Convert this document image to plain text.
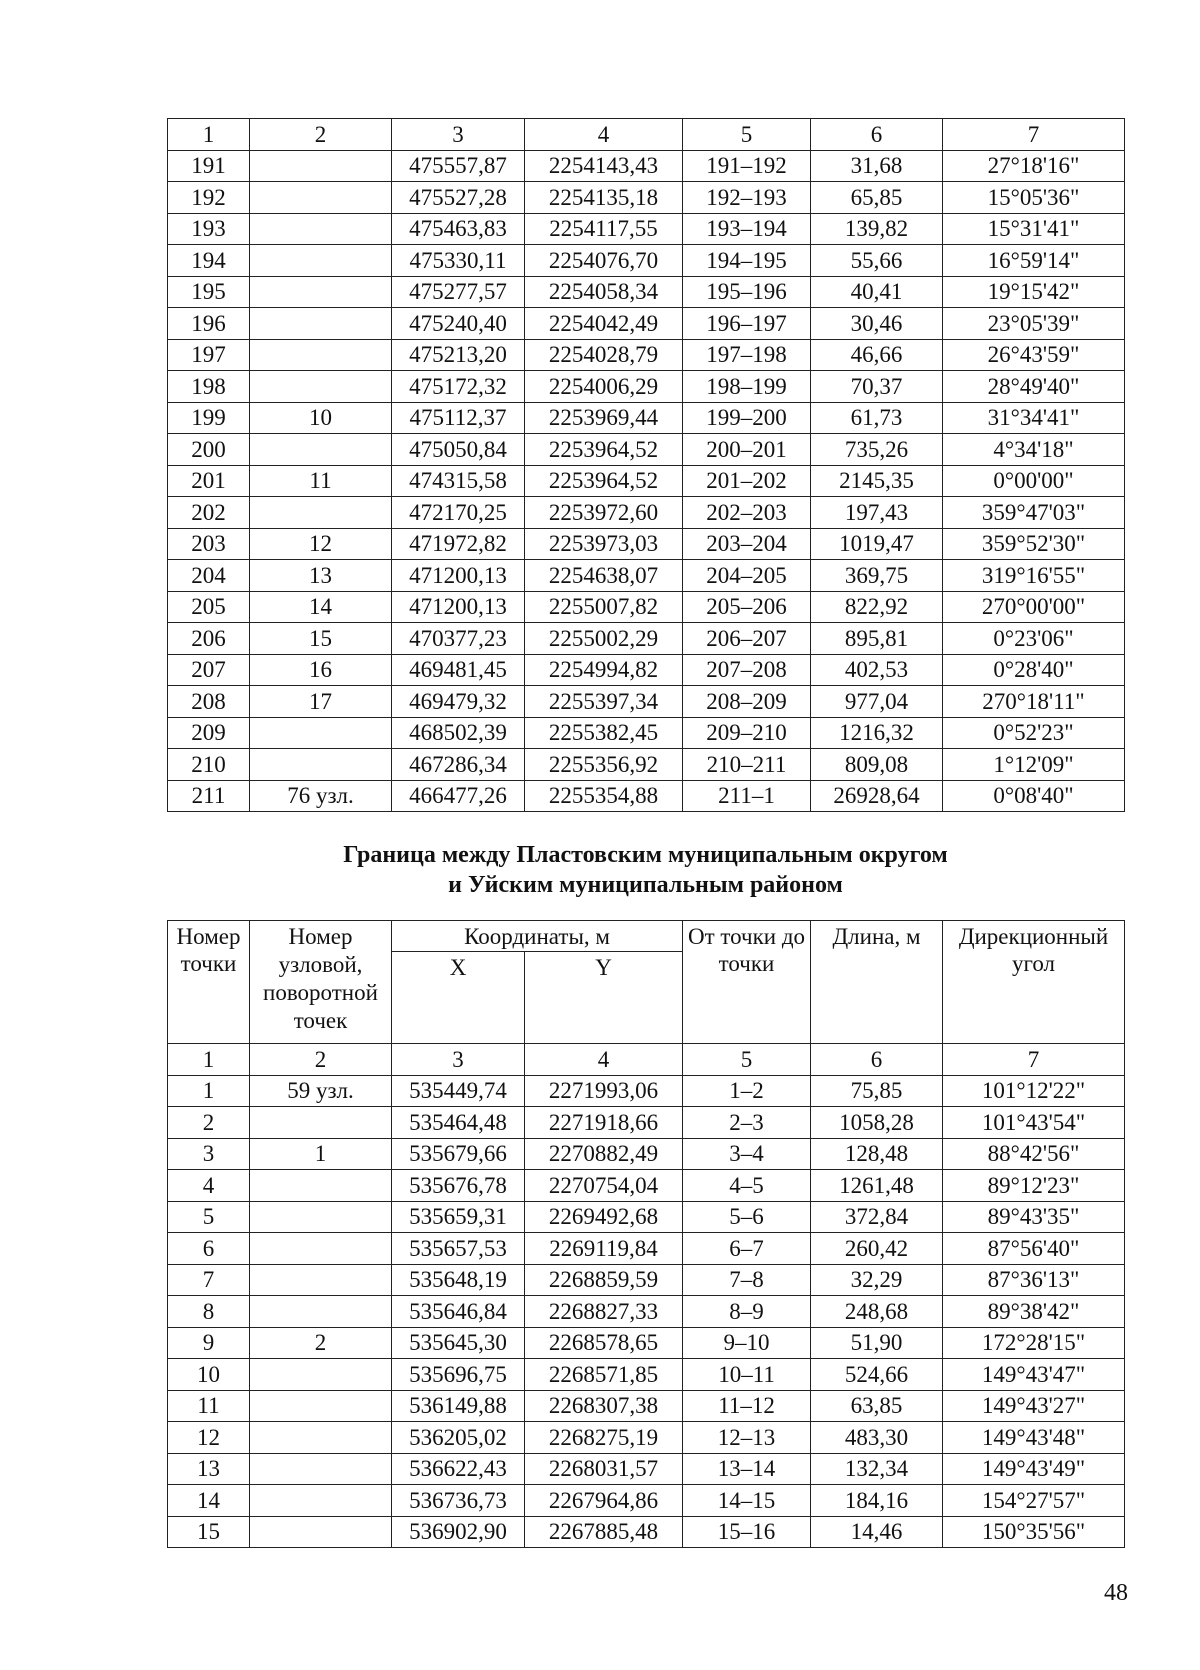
1	2	3	4	5	6	7
191		475557,87	2254143,43	191–192	31,68	27°18'16"
192		475527,28	2254135,18	192–193	65,85	15°05'36"
193		475463,83	2254117,55	193–194	139,82	15°31'41"
194		475330,11	2254076,70	194–195	55,66	16°59'14"
195		475277,57	2254058,34	195–196	40,41	19°15'42"
196		475240,40	2254042,49	196–197	30,46	23°05'39"
197		475213,20	2254028,79	197–198	46,66	26°43'59"
198		475172,32	2254006,29	198–199	70,37	28°49'40"
199	10	475112,37	2253969,44	199–200	61,73	31°34'41"
200		475050,84	2253964,52	200–201	735,26	4°34'18"
201	11	474315,58	2253964,52	201–202	2145,35	0°00'00"
202		472170,25	2253972,60	202–203	197,43	359°47'03"
203	12	471972,82	2253973,03	203–204	1019,47	359°52'30"
204	13	471200,13	2254638,07	204–205	369,75	319°16'55"
205	14	471200,13	2255007,82	205–206	822,92	270°00'00"
206	15	470377,23	2255002,29	206–207	895,81	0°23'06"
207	16	469481,45	2254994,82	207–208	402,53	0°28'40"
208	17	469479,32	2255397,34	208–209	977,04	270°18'11"
209		468502,39	2255382,45	209–210	1216,32	0°52'23"
210		467286,34	2255356,92	210–211	809,08	1°12'09"
211	76 узл.	466477,26	2255354,88	211–1	26928,64	0°08'40"
Граница между Пластовским муниципальным округом
и Уйским муниципальным районом
Номер точки	Номер узловой, поворотной точек	Координаты, м		От точки до точки	Длина, м	Дирекционный угол
		X	Y			
1	2	3	4	5	6	7
1	59 узл.	535449,74	2271993,06	1–2	75,85	101°12'22"
2		535464,48	2271918,66	2–3	1058,28	101°43'54"
3	1	535679,66	2270882,49	3–4	128,48	88°42'56"
4		535676,78	2270754,04	4–5	1261,48	89°12'23"
5		535659,31	2269492,68	5–6	372,84	89°43'35"
6		535657,53	2269119,84	6–7	260,42	87°56'40"
7		535648,19	2268859,59	7–8	32,29	87°36'13"
8		535646,84	2268827,33	8–9	248,68	89°38'42"
9	2	535645,30	2268578,65	9–10	51,90	172°28'15"
10		535696,75	2268571,85	10–11	524,66	149°43'47"
11		536149,88	2268307,38	11–12	63,85	149°43'27"
12		536205,02	2268275,19	12–13	483,30	149°43'48"
13		536622,43	2268031,57	13–14	132,34	149°43'49"
14		536736,73	2267964,86	14–15	184,16	154°27'57"
15		536902,90	2267885,48	15–16	14,46	150°35'56"
48
